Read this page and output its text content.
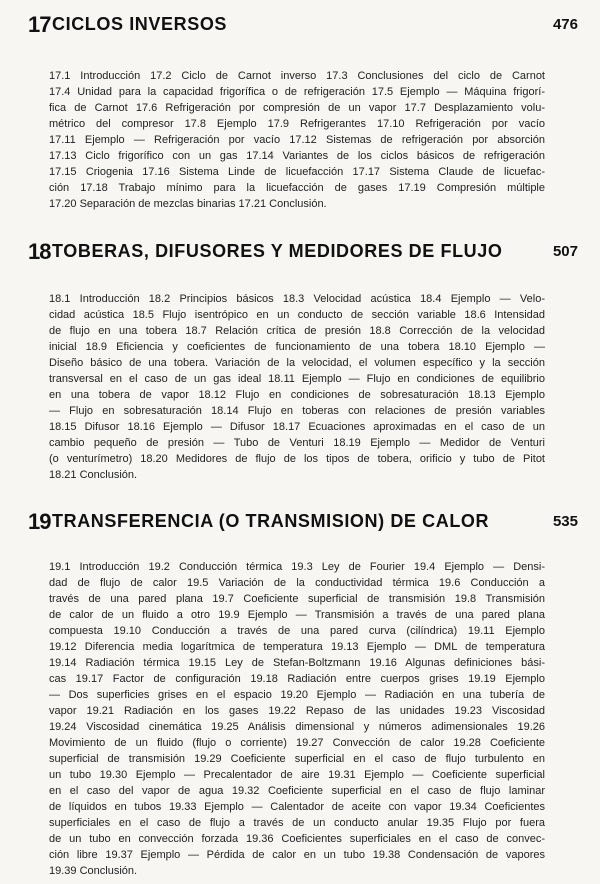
17 CICLOS INVERSOS	476
17.1 Introducción 17.2 Ciclo de Carnot inverso 17.3 Conclusiones del ciclo de Carnot
17.4 Unidad para la capacidad frigorífica o de refrigeración 17.5 Ejemplo — Máquina frigorí-
fica de Carnot 17.6 Refrigeración por compresión de un vapor 17.7 Desplazamiento volu-
métrico del compresor 17.8 Ejemplo 17.9 Refrigerantes 17.10 Refrigeración por vacío
17.11 Ejemplo — Refrigeración por vacío 17.12 Sistemas de refrigeración por absorción
17.13 Ciclo frigorífico con un gas 17.14 Variantes de los ciclos básicos de refrigeración
17.15 Criogenia 17.16 Sistema Linde de licuefacción 17.17 Sistema Claude de licuefac-
ción 17.18 Trabajo mínimo para la licuefacción de gases 17.19 Compresión múltiple
17.20 Separación de mezclas binarias 17.21 Conclusión.
18 TOBERAS, DIFUSORES Y MEDIDORES DE FLUJO	507
18.1 Introducción 18.2 Principios básicos 18.3 Velocidad acústica 18.4 Ejemplo — Velo-
cidad acústica 18.5 Flujo isentrópico en un conducto de sección variable 18.6 Intensidad
de flujo en una tobera 18.7 Relación crítica de presión 18.8 Corrección de la velocidad
inicial 18.9 Eficiencia y coeficientes de funcionamiento de una tobera 18.10 Ejemplo —
Diseño básico de una tobera. Variación de la velocidad, el volumen específico y la sección
transversal en el caso de un gas ideal 18.11 Ejemplo — Flujo en condiciones de equilibrio
en una tobera de vapor 18.12 Flujo en condiciones de sobresaturación 18.13 Ejemplo
— Flujo en sobresaturación 18.14 Flujo en toberas con relaciones de presión variables
18.15 Difusor 18.16 Ejemplo — Difusor 18.17 Ecuaciones aproximadas en el caso de un
cambio pequeño de presión — Tubo de Venturi 18.19 Ejemplo — Medidor de Venturi
(o venturímetro) 18.20 Medidores de flujo de los tipos de tobera, orificio y tubo de Pitot
18.21 Conclusión.
19 TRANSFERENCIA (O TRANSMISION) DE CALOR	535
19.1 Introducción 19.2 Conducción térmica 19.3 Ley de Fourier 19.4 Ejemplo — Densi-
dad de flujo de calor 19.5 Variación de la conductividad térmica 19.6 Conducción a
través de una pared plana 19.7 Coeficiente superficial de transmisión 19.8 Transmisión
de calor de un fluido a otro 19.9 Ejemplo — Transmisión a través de una pared plana
compuesta 19.10 Conducción a través de una pared curva (cilíndrica) 19.11 Ejemplo
19.12 Diferencia media logarítmica de temperatura 19.13 Ejemplo — DML de temperatura
19.14 Radiación térmica 19.15 Ley de Stefan-Boltzmann 19.16 Algunas definiciones bási-
cas 19.17 Factor de configuración 19.18 Radiación entre cuerpos grises 19.19 Ejemplo
— Dos superficies grises en el espacio 19.20 Ejemplo — Radiación en una tubería de
vapor 19.21 Radiación en los gases 19.22 Repaso de las unidades 19.23 Viscosidad
19.24 Viscosidad cinemática 19.25 Análisis dimensional y números adimensionales 19.26
Movimiento de un fluido (flujo o corriente) 19.27 Convección de calor 19.28 Coeficiente
superficial de transmisión 19.29 Coeficiente superficial en el caso de flujo turbulento en
un tubo 19.30 Ejemplo — Precalentador de aire 19.31 Ejemplo — Coeficiente superficial
en el caso del vapor de agua 19.32 Coeficiente superficial en el caso de flujo laminar
de líquidos en tubos 19.33 Ejemplo — Calentador de aceite con vapor 19.34 Coeficientes
superficiales en el caso de flujo a través de un conducto anular 19.35 Flujo por fuera
de un tubo en convección forzada 19.36 Coeficientes superficiales en el caso de convec-
ción libre 19.37 Ejemplo — Pérdida de calor en un tubo 19.38 Condensación de vapores
19.39 Conclusión.
